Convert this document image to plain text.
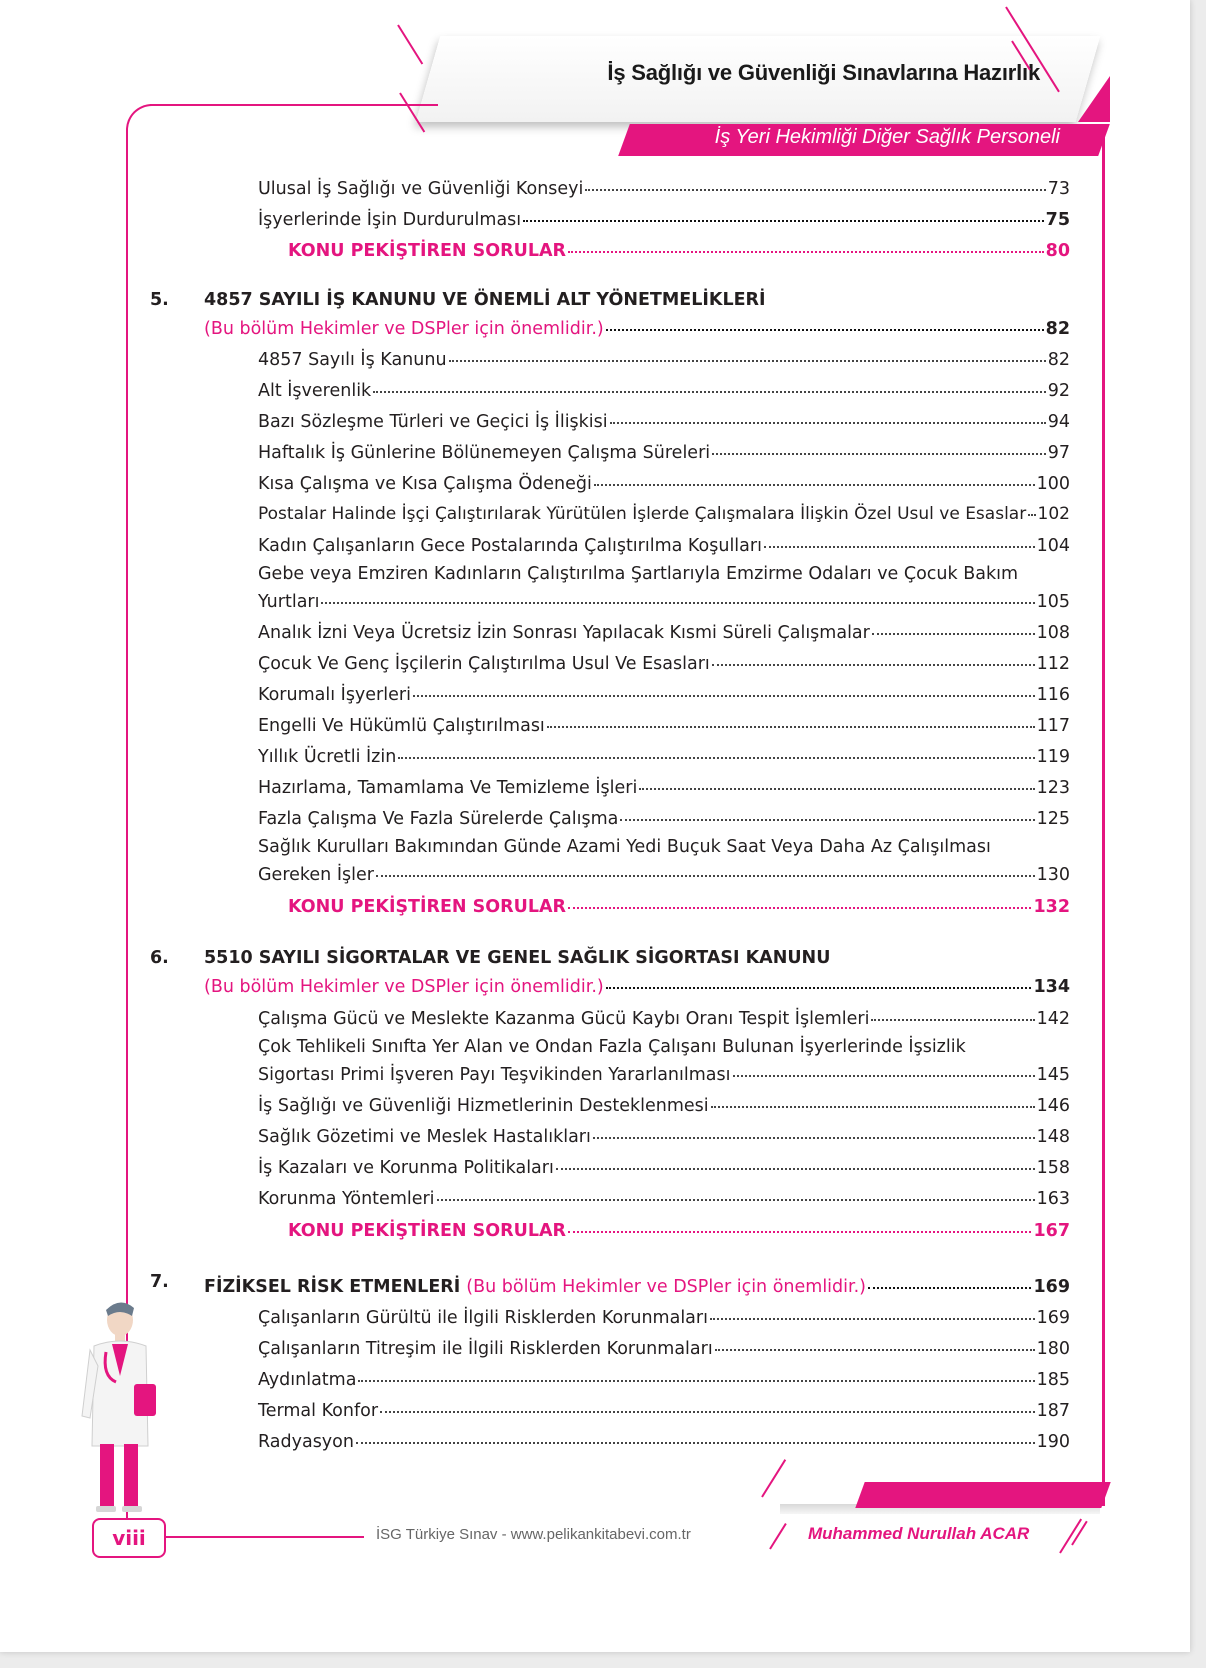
İş Sağlığı ve Güvenliği Sınavlarına Hazırlık
İş Yeri Hekimliği Diğer Sağlık Personeli
Ulusal İş Sağlığı ve Güvenliği Konseyi	73
İşyerlerinde İşin Durdurulması	75
KONU PEKİŞTİREN SORULAR	80
5. 4857 SAYILI İŞ KANUNU VE ÖNEMLİ ALT YÖNETMELİKLERİ
(Bu bölüm Hekimler ve DSPler için önemlidir.)	82
4857 Sayılı İş Kanunu	82
Alt İşverenlik	92
Bazı Sözleşme Türleri ve Geçici İş İlişkisi	94
Haftalık İş Günlerine Bölünemeyen Çalışma Süreleri	97
Kısa Çalışma ve Kısa Çalışma Ödeneği	100
Postalar Halinde İşçi Çalıştırılarak Yürütülen İşlerde Çalışmalara İlişkin Özel Usul ve Esaslar 102
Kadın Çalışanların Gece Postalarında Çalıştırılma Koşulları	104
Gebe veya Emziren Kadınların Çalıştırılma Şartlarıyla Emzirme Odaları ve Çocuk Bakım
Yurtları	105
Analık İzni Veya Ücretsiz İzin Sonrası Yapılacak Kısmi Süreli Çalışmalar	108
Çocuk Ve Genç İşçilerin Çalıştırılma Usul Ve Esasları	112
Korumalı İşyerleri	116
Engelli Ve Hükümlü Çalıştırılması	117
Yıllık Ücretli İzin	119
Hazırlama, Tamamlama Ve Temizleme İşleri	123
Fazla Çalışma Ve Fazla Sürelerde Çalışma	125
Sağlık Kurulları Bakımından Günde Azami Yedi Buçuk Saat Veya Daha Az Çalışılması
Gereken İşler	130
KONU PEKİŞTİREN SORULAR	132
6. 5510 SAYILI SİGORTALAR VE GENEL SAĞLIK SİGORTASI KANUNU
(Bu bölüm Hekimler ve DSPler için önemlidir.)	134
Çalışma Gücü ve Meslekte Kazanma Gücü Kaybı Oranı Tespit İşlemleri	142
Çok Tehlikeli Sınıfta Yer Alan ve Ondan Fazla Çalışanı Bulunan İşyerlerinde İşsizlik
Sigortası Primi İşveren Payı Teşvikinden Yararlanılması	145
İş Sağlığı ve Güvenliği Hizmetlerinin Desteklenmesi	146
Sağlık Gözetimi ve Meslek Hastalıkları	148
İş Kazaları ve Korunma Politikaları	158
Korunma Yöntemleri	163
KONU PEKİŞTİREN SORULAR	167
7. FİZİKSEL RİSK ETMENLERİ (Bu bölüm Hekimler ve DSPler için önemlidir.)	169
Çalışanların Gürültü ile İlgili Risklerden Korunmaları	169
Çalışanların Titreşim ile İlgili Risklerden Korunmaları	180
Aydınlatma	185
Termal Konfor	187
Radyasyon	190
viii	İSG Türkiye Sınav - www.pelikankitabevi.com.tr	Muhammed Nurullah ACAR
